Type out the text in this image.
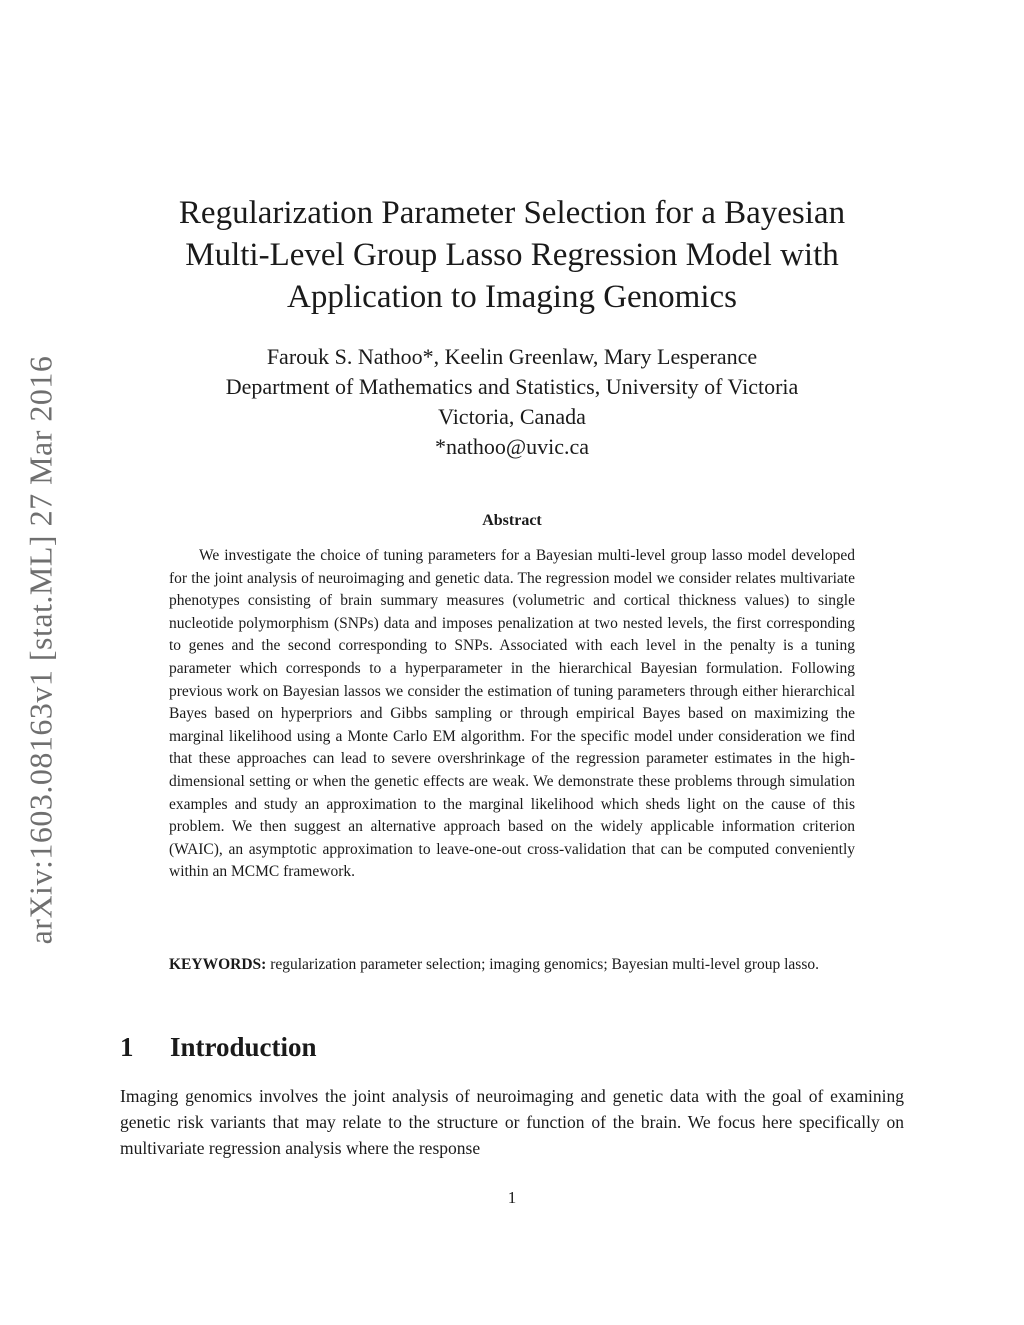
arXiv:1603.08163v1 [stat.ML] 27 Mar 2016
Regularization Parameter Selection for a Bayesian
Multi-Level Group Lasso Regression Model with
Application to Imaging Genomics
Farouk S. Nathoo*, Keelin Greenlaw, Mary Lesperance
Department of Mathematics and Statistics, University of Victoria
Victoria, Canada
*nathoo@uvic.ca
Abstract
We investigate the choice of tuning parameters for a Bayesian multi-level group lasso model developed for the joint analysis of neuroimaging and genetic data. The regression model we consider relates multivariate phenotypes consisting of brain summary measures (volumetric and cortical thickness values) to single nucleotide polymorphism (SNPs) data and imposes penalization at two nested levels, the first corresponding to genes and the second corresponding to SNPs. Associated with each level in the penalty is a tuning parameter which corresponds to a hyperparameter in the hierarchical Bayesian formulation. Following previous work on Bayesian lassos we consider the estimation of tuning parameters through either hierarchical Bayes based on hyperpriors and Gibbs sampling or through empirical Bayes based on maximizing the marginal likelihood using a Monte Carlo EM algorithm. For the specific model under consideration we find that these approaches can lead to severe overshrinkage of the regression parameter estimates in the high-dimensional setting or when the genetic effects are weak. We demonstrate these problems through simulation examples and study an approximation to the marginal likelihood which sheds light on the cause of this problem. We then suggest an alternative approach based on the widely applicable information criterion (WAIC), an asymptotic approximation to leave-one-out cross-validation that can be computed conveniently within an MCMC framework.
KEYWORDS: regularization parameter selection; imaging genomics; Bayesian multi-level group lasso.
1 Introduction
Imaging genomics involves the joint analysis of neuroimaging and genetic data with the goal of examining genetic risk variants that may relate to the structure or function of the brain. We focus here specifically on multivariate regression analysis where the response
1
